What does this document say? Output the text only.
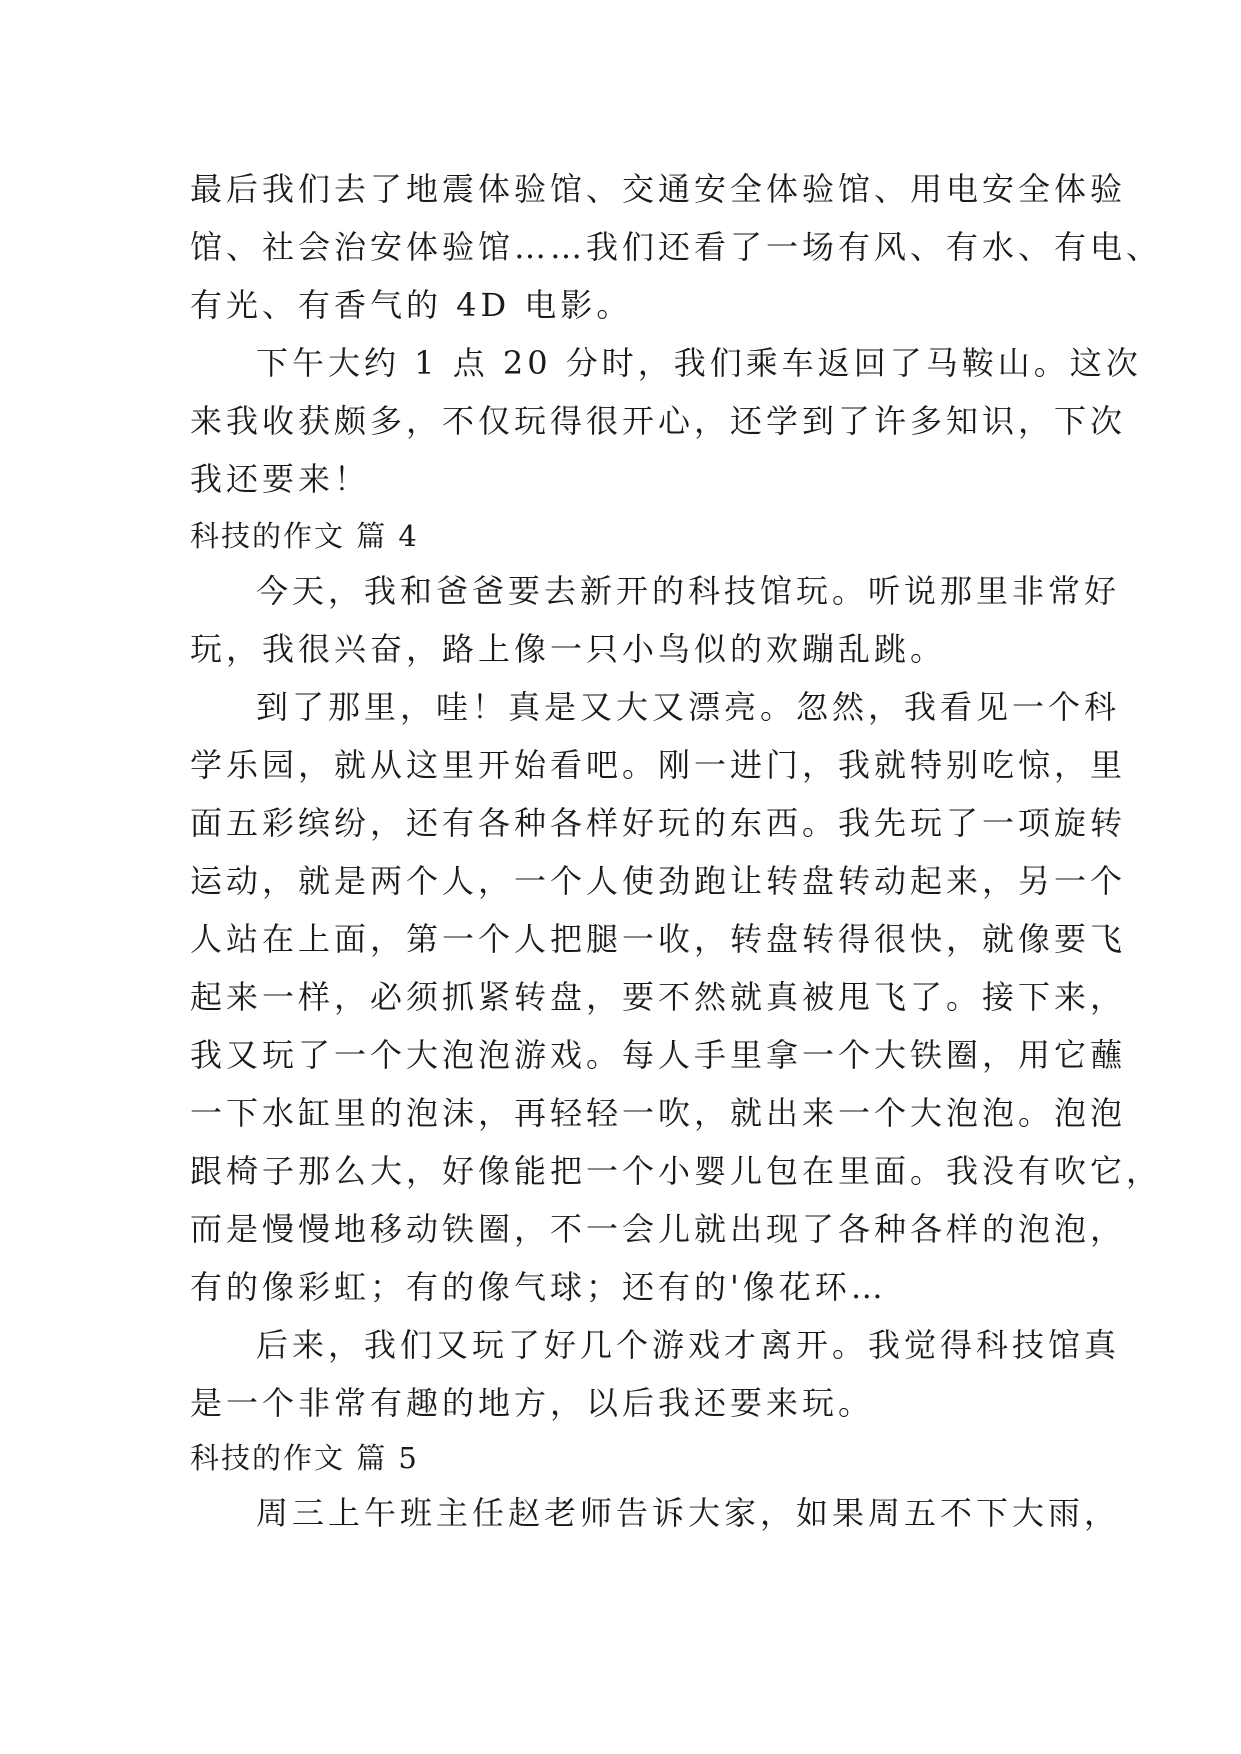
最后我们去了地震体验馆、交通安全体验馆、用电安全体验
馆、社会治安体验馆……我们还看了一场有风、有水、有电、
有光、有香气的 4D 电影。
下午大约 1 点 20 分时，我们乘车返回了马鞍山。这次
来我收获颇多，不仅玩得很开心，还学到了许多知识，下次
我还要来！
科技的作文 篇 4
今天，我和爸爸要去新开的科技馆玩。听说那里非常好
玩，我很兴奋，路上像一只小鸟似的欢蹦乱跳。
到了那里，哇！真是又大又漂亮。忽然，我看见一个科
学乐园，就从这里开始看吧。刚一进门，我就特别吃惊，里
面五彩缤纷，还有各种各样好玩的东西。我先玩了一项旋转
运动，就是两个人，一个人使劲跑让转盘转动起来，另一个
人站在上面，第一个人把腿一收，转盘转得很快，就像要飞
起来一样，必须抓紧转盘，要不然就真被甩飞了。接下来，
我又玩了一个大泡泡游戏。每人手里拿一个大铁圈，用它蘸
一下水缸里的泡沫，再轻轻一吹，就出来一个大泡泡。泡泡
跟椅子那么大，好像能把一个小婴儿包在里面。我没有吹它，
而是慢慢地移动铁圈，不一会儿就出现了各种各样的泡泡，
有的像彩虹；有的像气球；还有的'像花环…
后来，我们又玩了好几个游戏才离开。我觉得科技馆真
是一个非常有趣的地方，以后我还要来玩。
科技的作文 篇 5
周三上午班主任赵老师告诉大家，如果周五不下大雨，
